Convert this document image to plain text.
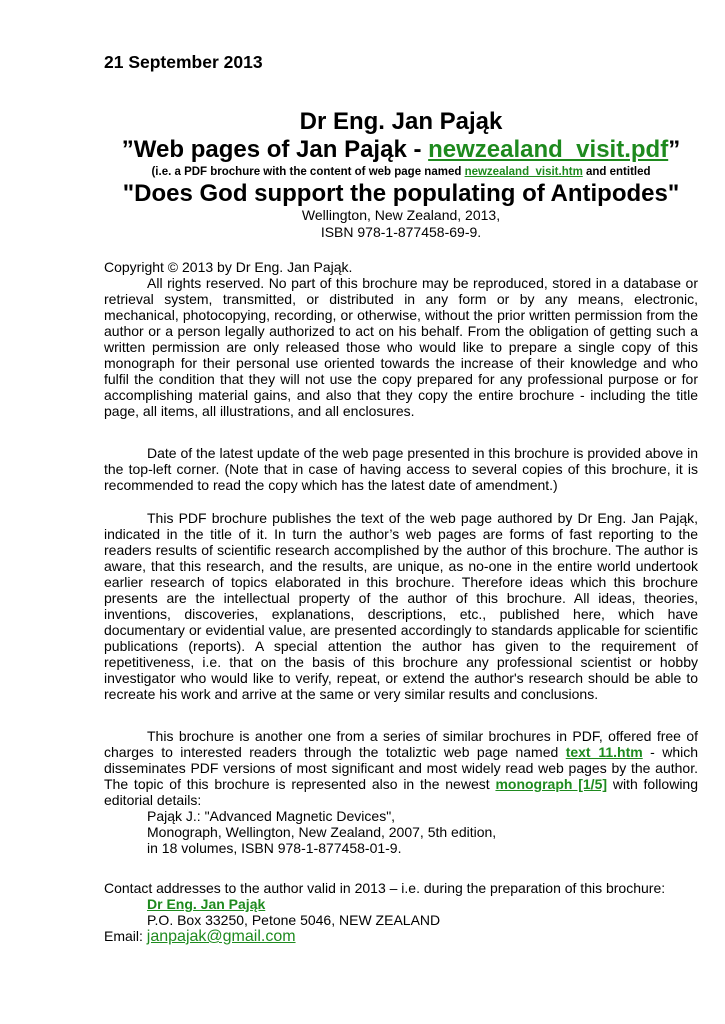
21 September 2013
Dr Eng. Jan Pająk
”Web pages of Jan Pająk - newzealand_visit.pdf”
(i.e. a PDF brochure with the content of web page named newzealand_visit.htm and entitled
"Does God support the populating of Antipodes"
Wellington, New Zealand, 2013,
ISBN 978-1-877458-69-9.

Copyright © 2013 by Dr Eng. Jan Pająk.

All rights reserved. No part of this brochure may be reproduced, stored in a database or retrieval system, transmitted, or distributed in any form or by any means, electronic, mechanical, photocopying, recording, or otherwise, without the prior written permission from the author or a person legally authorized to act on his behalf. From the obligation of getting such a written permission are only released those who would like to prepare a single copy of this monograph for their personal use oriented towards the increase of their knowledge and who fulfil the condition that they will not use the copy prepared for any professional purpose or for accomplishing material gains, and also that they copy the entire brochure - including the title page, all items, all illustrations, and all enclosures.

Date of the latest update of the web page presented in this brochure is provided above in the top-left corner. (Note that in case of having access to several copies of this brochure, it is recommended to read the copy which has the latest date of amendment.)

This PDF brochure publishes the text of the web page authored by Dr Eng. Jan Pająk, indicated in the title of it. In turn the author’s web pages are forms of fast reporting to the readers results of scientific research accomplished by the author of this brochure. The author is aware, that this research, and the results, are unique, as no-one in the entire world undertook earlier research of topics elaborated in this brochure. Therefore ideas which this brochure presents are the intellectual property of the author of this brochure. All ideas, theories, inventions, discoveries, explanations, descriptions, etc., published here, which have documentary or evidential value, are presented accordingly to standards applicable for scientific publications (reports). A special attention the author has given to the requirement of repetitiveness, i.e. that on the basis of this brochure any professional scientist or hobby investigator who would like to verify, repeat, or extend the author's research should be able to recreate his work and arrive at the same or very similar results and conclusions.

This brochure is another one from a series of similar brochures in PDF, offered free of charges to interested readers through the totaliztic web page named text_11.htm - which disseminates PDF versions of most significant and most widely read web pages by the author. The topic of this brochure is represented also in the newest monograph [1/5] with following editorial details:

Pająk J.: "Advanced Magnetic Devices",

Monograph, Wellington, New Zealand, 2007, 5th edition,

in 18 volumes, ISBN 978-1-877458-01-9.

Contact addresses to the author valid in 2013 – i.e. during the preparation of this brochure:

Dr Eng. Jan Pająk

P.O. Box 33250, Petone 5046, NEW ZEALAND

Email: janpajak@gmail.com
